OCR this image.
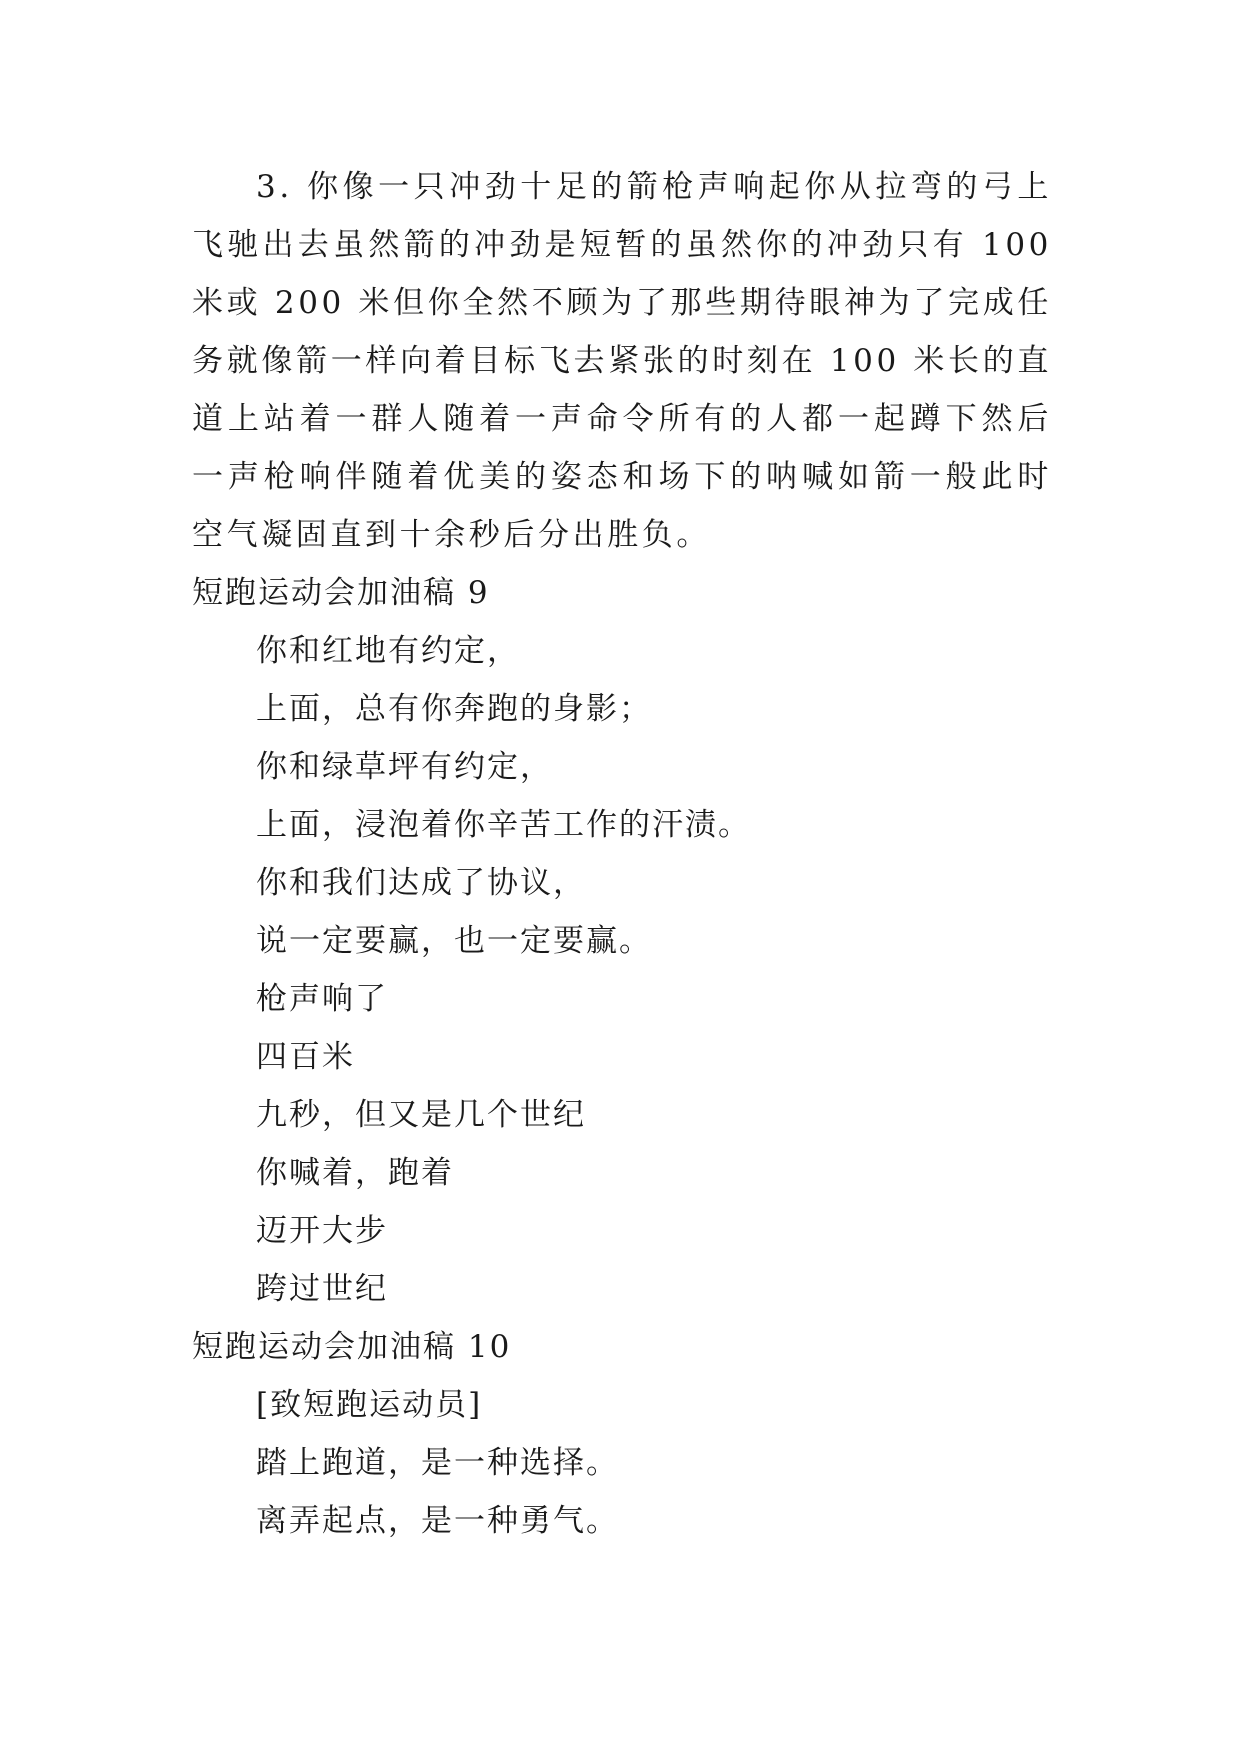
3. 你像一只冲劲十足的箭枪声响起你从拉弯的弓上飞驰出去虽然箭的冲劲是短暂的虽然你的冲劲只有 100 米或 200 米但你全然不顾为了那些期待眼神为了完成任务就像箭一样向着目标飞去紧张的时刻在 100 米长的直道上站着一群人随着一声命令所有的人都一起蹲下然后一声枪响伴随着优美的姿态和场下的呐喊如箭一般此时空气凝固直到十余秒后分出胜负。

短跑运动会加油稿 9
你和红地有约定，
上面，总有你奔跑的身影；
你和绿草坪有约定，
上面，浸泡着你辛苦工作的汗渍。
你和我们达成了协议，
说一定要赢，也一定要赢。
枪声响了
四百米
九秒，但又是几个世纪
你喊着，跑着
迈开大步
跨过世纪
短跑运动会加油稿 10
[致短跑运动员]
踏上跑道，是一种选择。
离弄起点，是一种勇气。
